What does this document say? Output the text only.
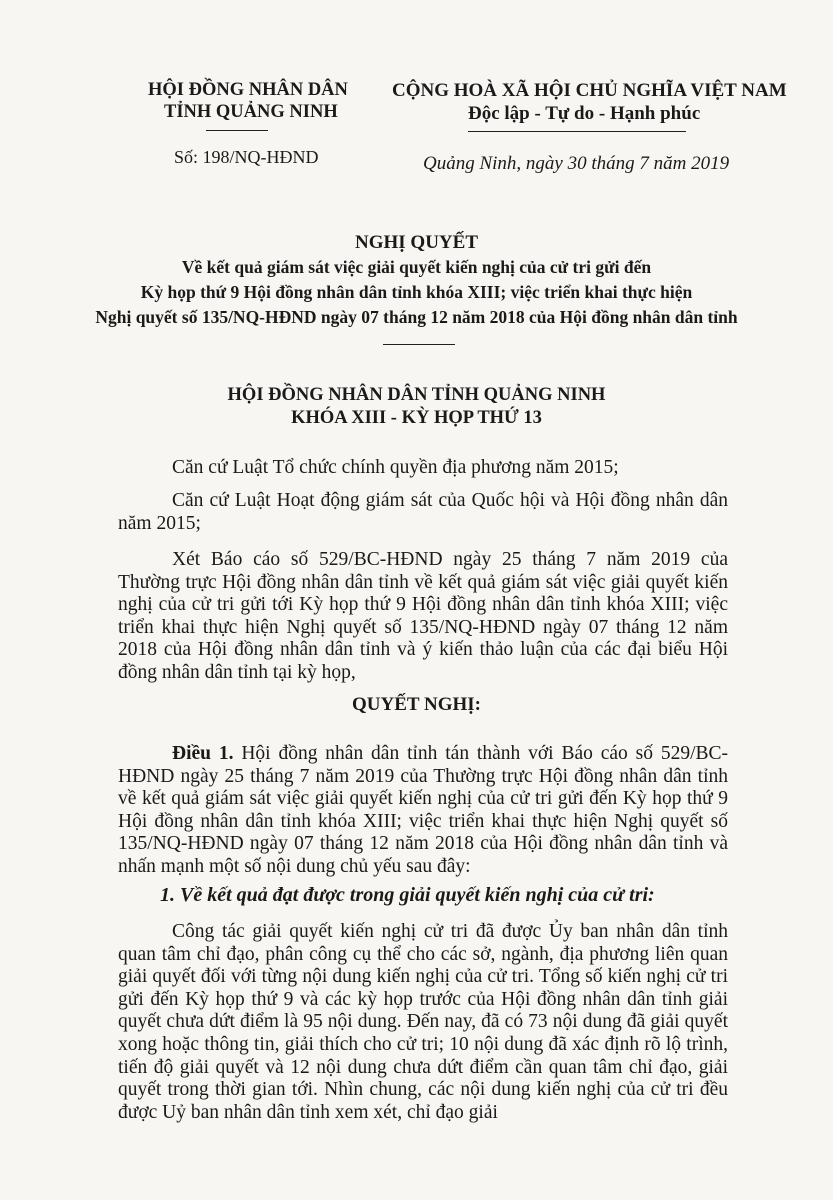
HỘI ĐỒNG NHÂN DÂN
TỈNH QUẢNG NINH
Số: 198/NQ-HĐND
CỘNG HOÀ XÃ HỘI CHỦ NGHĨA VIỆT NAM
Độc lập - Tự do - Hạnh phúc
Quảng Ninh, ngày 30 tháng 7 năm 2019
NGHỊ QUYẾT
Về kết quả giám sát việc giải quyết kiến nghị của cử tri gửi đến
Kỳ họp thứ 9 Hội đồng nhân dân tỉnh khóa XIII; việc triển khai thực hiện
Nghị quyết số 135/NQ-HĐND ngày 07 tháng 12 năm 2018 của Hội đồng nhân dân tỉnh
HỘI ĐỒNG NHÂN DÂN TỈNH QUẢNG NINH
KHÓA XIII - KỲ HỌP THỨ 13
Căn cứ Luật Tổ chức chính quyền địa phương năm 2015;
Căn cứ Luật Hoạt động giám sát của Quốc hội và Hội đồng nhân dân năm 2015;
Xét Báo cáo số 529/BC-HĐND ngày 25 tháng 7 năm 2019 của Thường trực Hội đồng nhân dân tỉnh về kết quả giám sát việc giải quyết kiến nghị của cử tri gửi tới Kỳ họp thứ 9 Hội đồng nhân dân tỉnh khóa XIII; việc triển khai thực hiện Nghị quyết số 135/NQ-HĐND ngày 07 tháng 12 năm 2018 của Hội đồng nhân dân tỉnh và ý kiến thảo luận của các đại biểu Hội đồng nhân dân tỉnh tại kỳ họp,
QUYẾT NGHỊ:
Điều 1. Hội đồng nhân dân tỉnh tán thành với Báo cáo số 529/BC-HĐND ngày 25 tháng 7 năm 2019 của Thường trực Hội đồng nhân dân tỉnh về kết quả giám sát việc giải quyết kiến nghị của cử tri gửi đến Kỳ họp thứ 9 Hội đồng nhân dân tỉnh khóa XIII; việc triển khai thực hiện Nghị quyết số 135/NQ-HĐND ngày 07 tháng 12 năm 2018 của Hội đồng nhân dân tỉnh và nhấn mạnh một số nội dung chủ yếu sau đây:
1. Về kết quả đạt được trong giải quyết kiến nghị của cử tri:
Công tác giải quyết kiến nghị cử tri đã được Ủy ban nhân dân tỉnh quan tâm chỉ đạo, phân công cụ thể cho các sở, ngành, địa phương liên quan giải quyết đối với từng nội dung kiến nghị của cử tri. Tổng số kiến nghị cử tri gửi đến Kỳ họp thứ 9 và các kỳ họp trước của Hội đồng nhân dân tỉnh giải quyết chưa dứt điểm là 95 nội dung. Đến nay, đã có 73 nội dung đã giải quyết xong hoặc thông tin, giải thích cho cử tri; 10 nội dung đã xác định rõ lộ trình, tiến độ giải quyết và 12 nội dung chưa dứt điểm cần quan tâm chỉ đạo, giải quyết trong thời gian tới. Nhìn chung, các nội dung kiến nghị của cử tri đều được Uỷ ban nhân dân tỉnh xem xét, chỉ đạo giải
